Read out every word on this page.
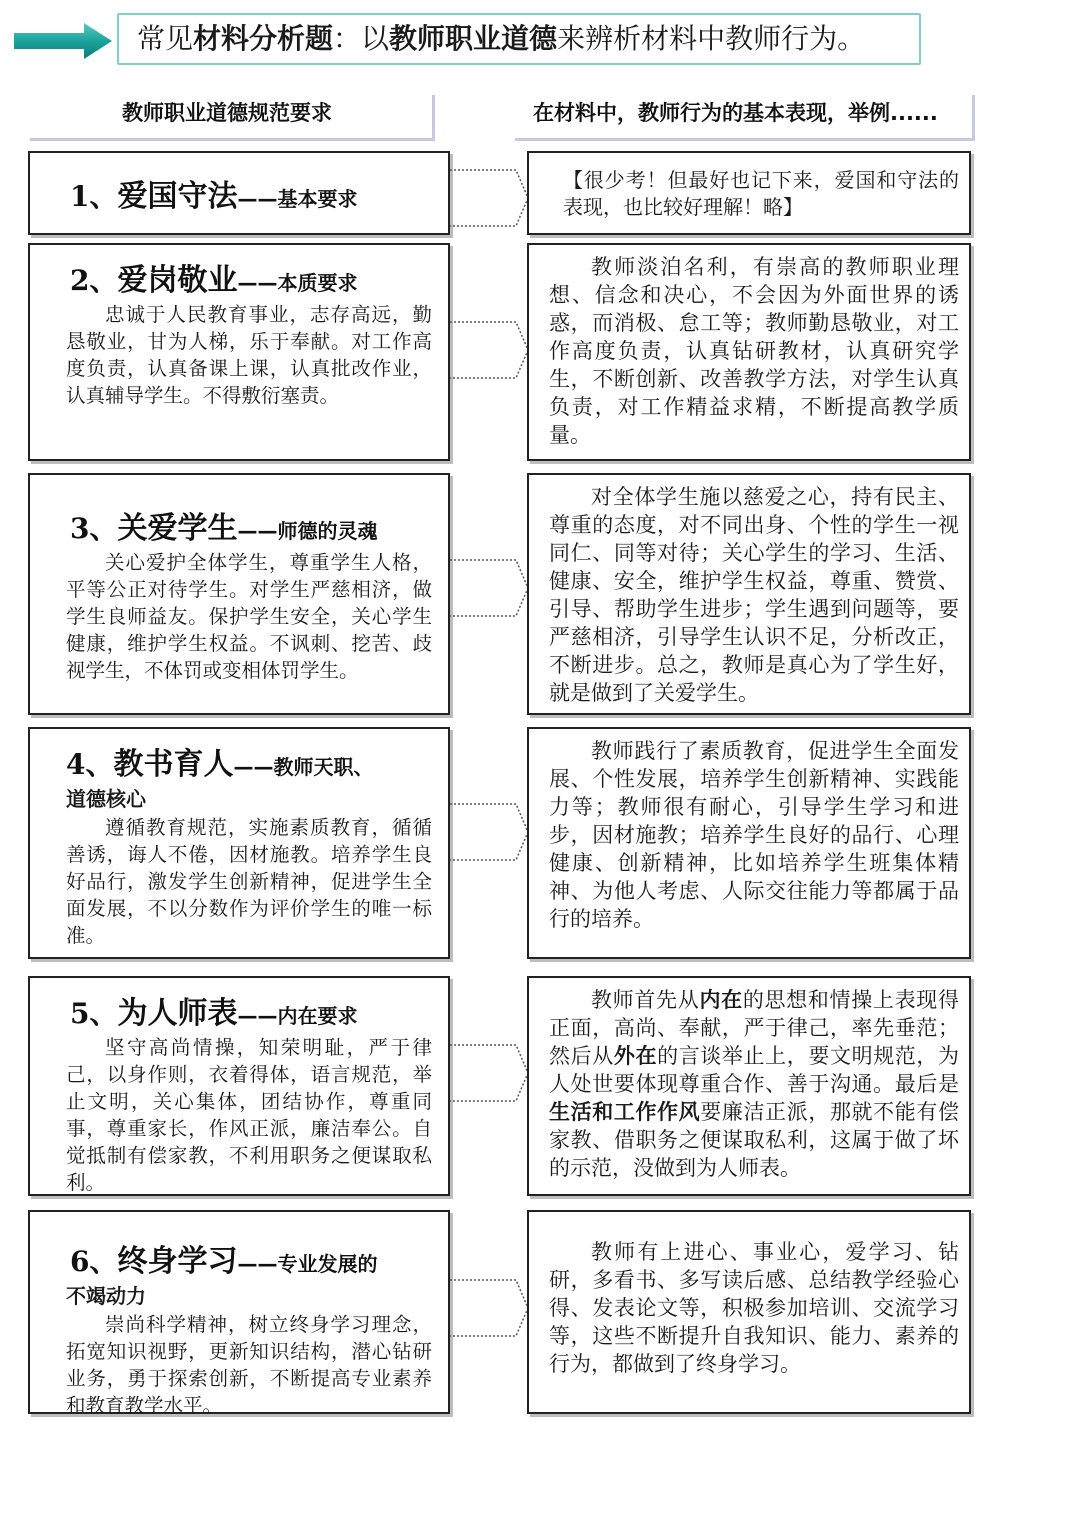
常见材料分析题：以教师职业道德来辨析材料中教师行为。
教师职业道德规范要求	在材料中，教师行为的基本表现，举例......
1、爱国守法——基本要求

【很少考！但最好也记下来，爱国和守法的表现，也比较好理解！略】

2、爱岗敬业——本质要求

忠诚于人民教育事业，志存高远，勤恳敬业，甘为人梯，乐于奉献。对工作高度负责，认真备课上课，认真批改作业，认真辅导学生。不得敷衍塞责。

教师淡泊名利，有崇高的教师职业理想、信念和决心，不会因为外面世界的诱惑，而消极、怠工等；教师勤恳敬业，对工作高度负责，认真钻研教材，认真研究学生，不断创新、改善教学方法，对学生认真负责，对工作精益求精，不断提高教学质量。

3、关爱学生——师德的灵魂

关心爱护全体学生，尊重学生人格，平等公正对待学生。对学生严慈相济，做学生良师益友。保护学生安全，关心学生健康，维护学生权益。不讽刺、挖苦、歧视学生，不体罚或变相体罚学生。

对全体学生施以慈爱之心，持有民主、尊重的态度，对不同出身、个性的学生一视同仁、同等对待；关心学生的学习、生活、健康、安全，维护学生权益，尊重、赞赏、引导、帮助学生进步；学生遇到问题等，要严慈相济，引导学生认识不足，分析改正，不断进步。总之，教师是真心为了学生好，就是做到了关爱学生。

4、教书育人——教师天职、
道德核心

遵循教育规范，实施素质教育，循循善诱，诲人不倦，因材施教。培养学生良好品行，激发学生创新精神，促进学生全面发展，不以分数作为评价学生的唯一标准。

教师践行了素质教育，促进学生全面发展、个性发展，培养学生创新精神、实践能力等；教师很有耐心，引导学生学习和进步，因材施教；培养学生良好的品行、心理健康、创新精神，比如培养学生班集体精神、为他人考虑、人际交往能力等都属于品行的培养。

5、为人师表——内在要求

坚守高尚情操，知荣明耻，严于律己，以身作则，衣着得体，语言规范，举止文明，关心集体，团结协作，尊重同事，尊重家长，作风正派，廉洁奉公。自觉抵制有偿家教，不利用职务之便谋取私利。

教师首先从内在的思想和情操上表现得正面，高尚、奉献，严于律己，率先垂范；然后从外在的言谈举止上，要文明规范，为人处世要体现尊重合作、善于沟通。最后是生活和工作作风要廉洁正派，那就不能有偿家教、借职务之便谋取私利，这属于做了坏的示范，没做到为人师表。

6、终身学习——专业发展的
不竭动力

崇尚科学精神，树立终身学习理念，拓宽知识视野，更新知识结构，潜心钻研业务，勇于探索创新，不断提高专业素养和教育教学水平。

教师有上进心、事业心，爱学习、钻研，多看书、多写读后感、总结教学经验心得、发表论文等，积极参加培训、交流学习等，这些不断提升自我知识、能力、素养的行为，都做到了终身学习。
